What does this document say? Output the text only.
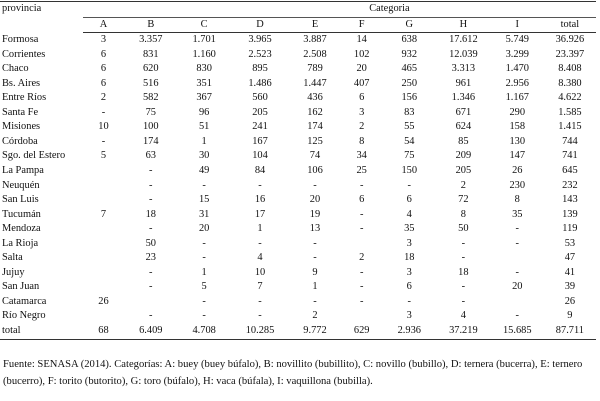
provincia	Categoria									
	A	B	C	D	E	F	G	H	I	total
Formosa	3	3.357	1.701	3.965	3.887	14	638	17.612	5.749	36.926
Corrientes	6	831	1.160	2.523	2.508	102	932	12.039	3.299	23.397
Chaco	6	620	830	895	789	20	465	3.313	1.470	8.408
Bs. Aires	6	516	351	1.486	1.447	407	250	961	2.956	8.380
Entre Ríos	2	582	367	560	436	6	156	1.346	1.167	4.622
Santa Fe	-	75	96	205	162	3	83	671	290	1.585
Misiones	10	100	51	241	174	2	55	624	158	1.415
Córdoba	-	174	1	167	125	8	54	85	130	744
Sgo. del Estero	5	63	30	104	74	34	75	209	147	741
La Pampa		-	49	84	106	25	150	205	26	645
Neuquén		-	-	-	-	-	-	2	230	232
San Luis		-	15	16	20	6	6	72	8	143
Tucumán	7	18	31	17	19	-	4	8	35	139
Mendoza		-	20	1	13	-	35	50	-	119
La Rioja		50	-	-	-		3	-	-	53
Salta		23	-	4	-	2	18	-		47
Jujuy		-	1	10	9	-	3	18	-	41
San Juan		-	5	7	1	-	6	-	20	39
Catamarca	26		-	-	-	-	-	-		26
Río Negro		-	-	-	2		3	4	-	9
total	68	6.409	4.708	10.285	9.772	629	2.936	37.219	15.685	87.711
Fuente: SENASA (2014). Categorías: A: buey (buey búfalo), B: novillito (bubillito), C: novillo (bubillo), D: ternera (bucerra), E: ternero (bucerro), F: torito (butorito), G: toro (búfalo), H: vaca (búfala), I: vaquillona (bubilla).
